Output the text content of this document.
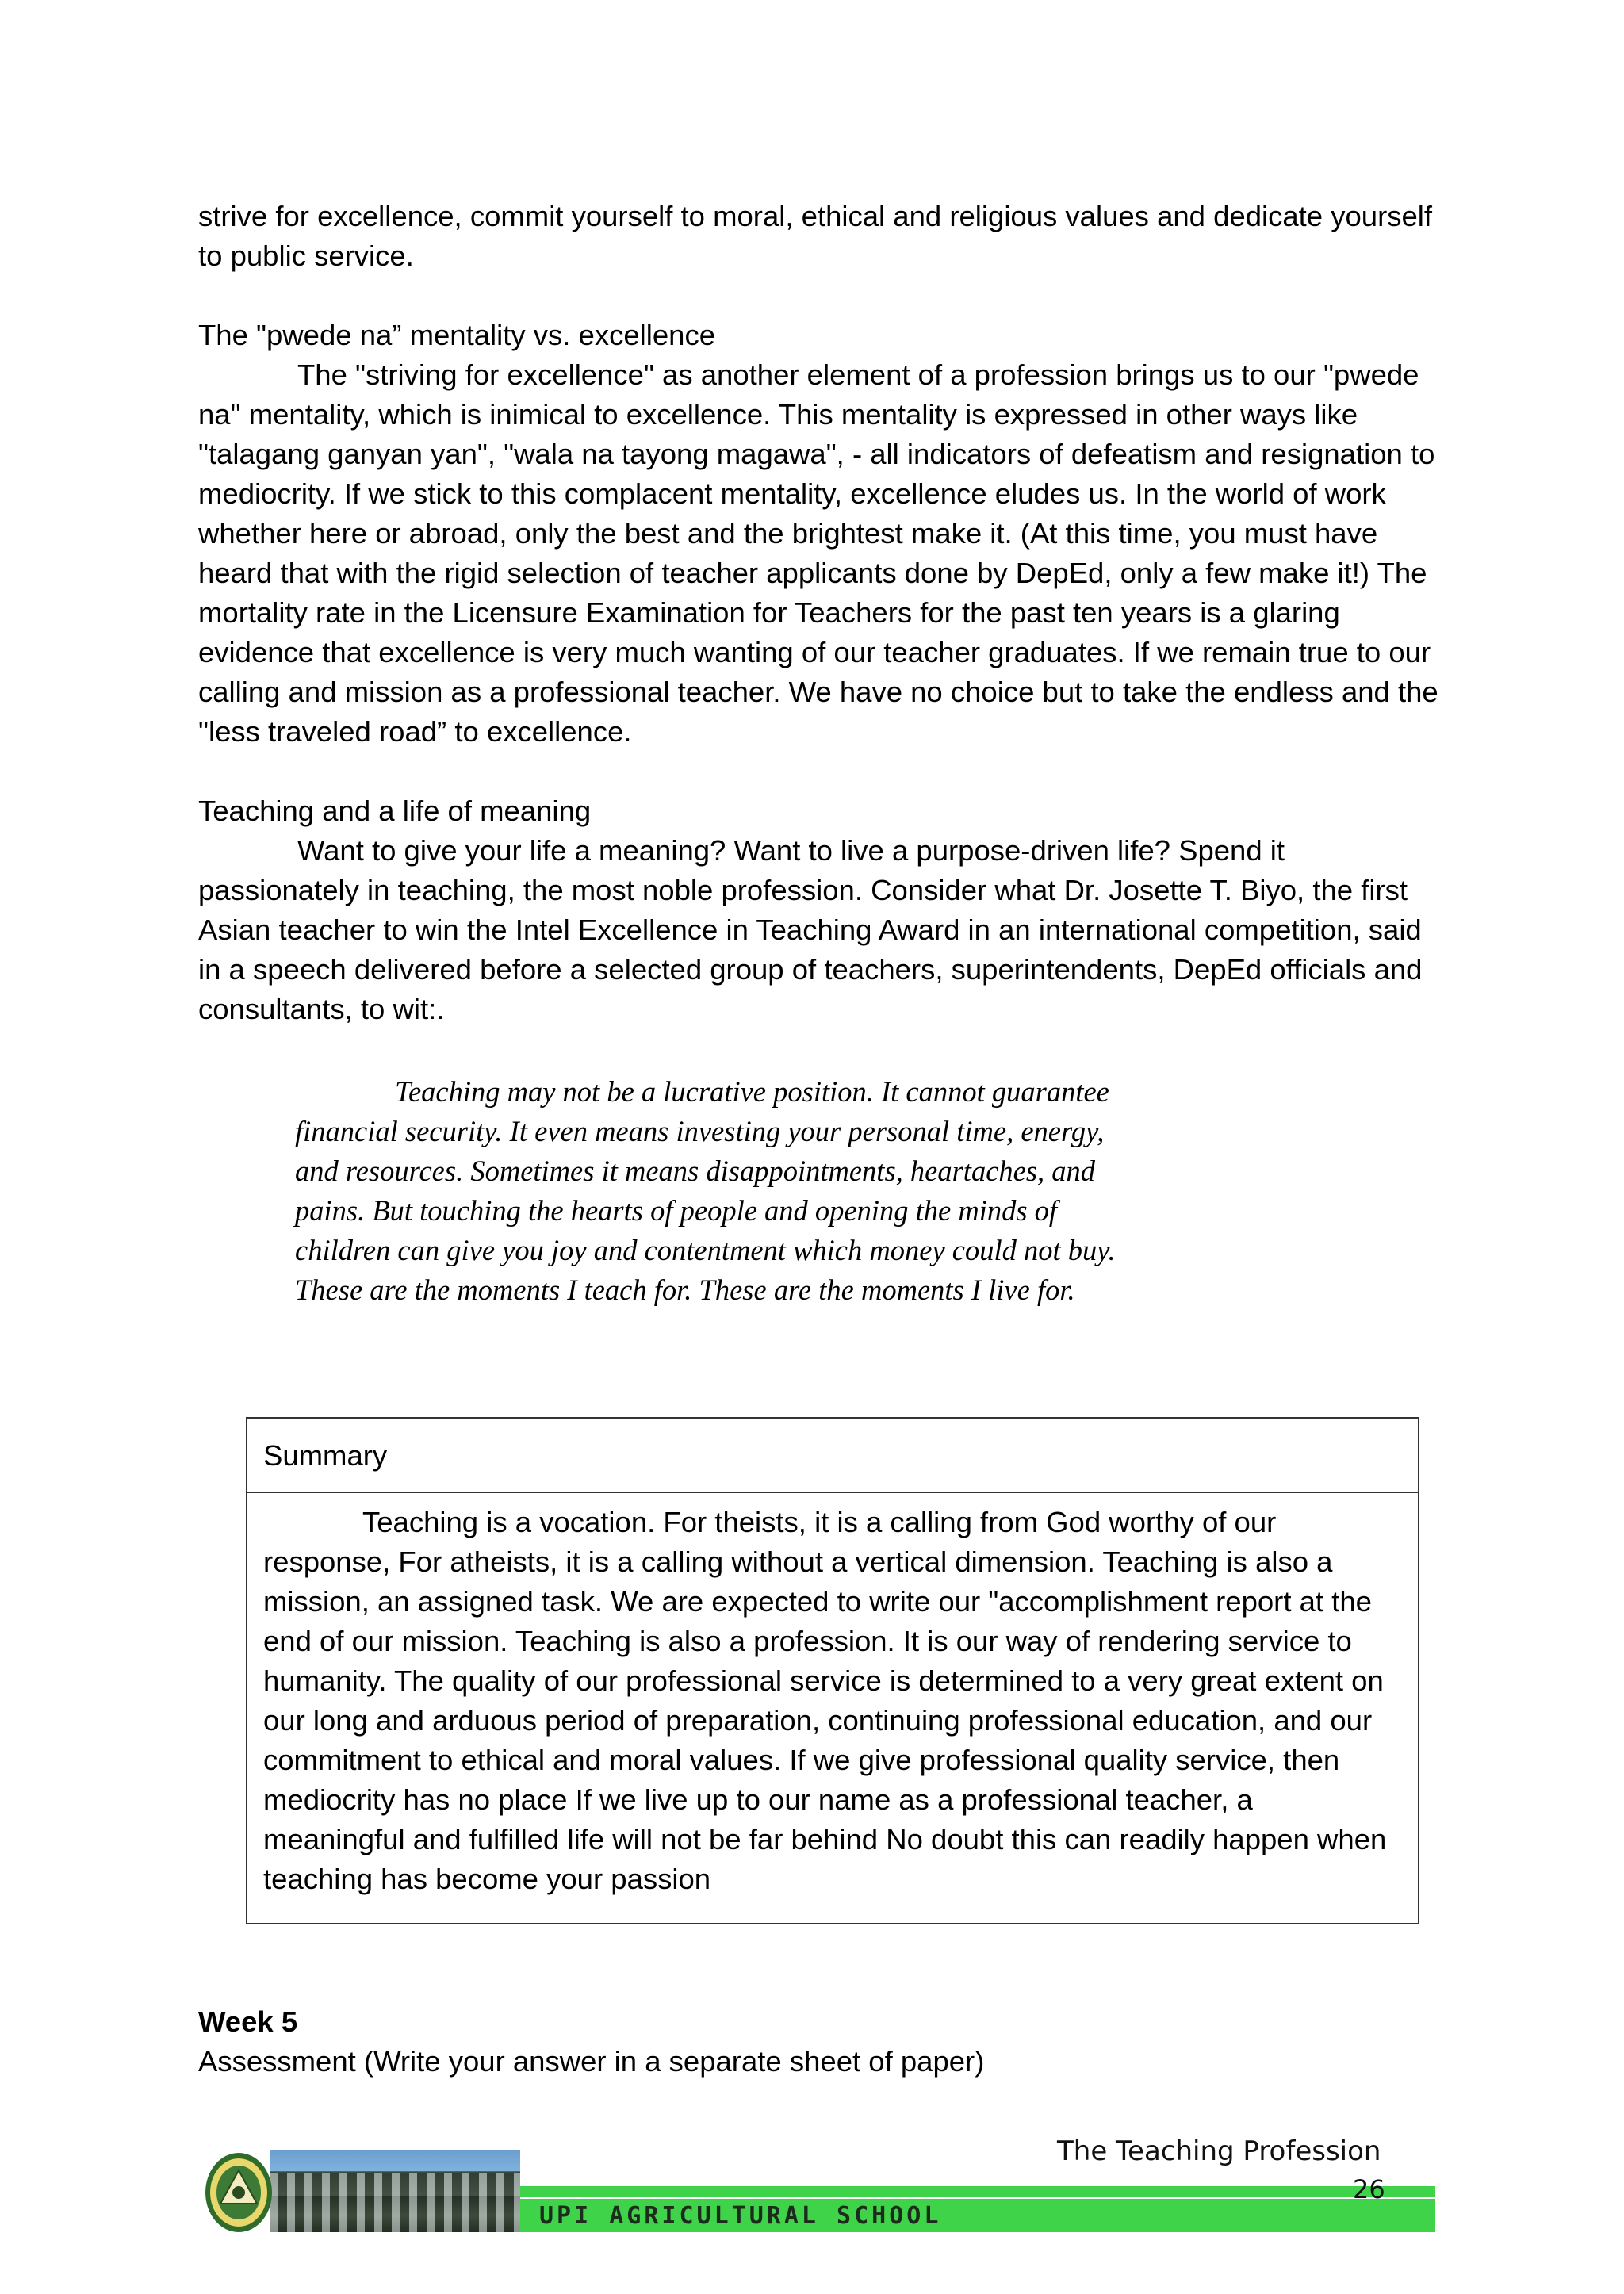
strive for excellence, commit yourself to moral, ethical and religious values and dedicate yourself to public service.

The "pwede na” mentality vs. excellence

The "striving for excellence" as another element of a profession brings us to our "pwede na" mentality, which is inimical to excellence. This mentality is expressed in other ways like "talagang ganyan yan", "wala na tayong magawa", - all indicators of defeatism and resignation to mediocrity. If we stick to this complacent mentality, excellence eludes us. In the world of work whether here or abroad, only the best and the brightest make it. (At this time, you must have heard that with the rigid selection of teacher applicants done by DepEd, only a few make it!) The mortality rate in the Licensure Examination for Teachers for the past ten years is a glaring evidence that excellence is very much wanting of our teacher graduates. If we remain true to our calling and mission as a professional teacher. We have no choice but to take the endless and the "less traveled road” to excellence.

Teaching and a life of meaning

Want to give your life a meaning? Want to live a purpose-driven life? Spend it passionately in teaching, the most noble profession. Consider what Dr. Josette T. Biyo, the first Asian teacher to win the Intel Excellence in Teaching Award in an international competition, said in a speech delivered before a selected group of teachers, superintendents, DepEd officials and consultants, to wit:.

Teaching may not be a lucrative position. It cannot guarantee financial security. It even means investing your personal time, energy, and resources. Sometimes it means disappointments, heartaches, and pains. But touching the hearts of people and opening the minds of children can give you joy and contentment which money could not buy. These are the moments I teach for. These are the moments I live for.

Summary

Teaching is a vocation. For theists, it is a calling from God worthy of our response, For atheists, it is a calling without a vertical dimension. Teaching is also a mission, an assigned task. We are expected to write our "accomplishment report at the end of our mission. Teaching is also a profession. It is our way of rendering service to humanity. The quality of our professional service is determined to a very great extent on our long and arduous period of preparation, continuing professional education, and our commitment to ethical and moral values. If we give professional quality service, then mediocrity has no place If we live up to our name as a professional teacher, a meaningful and fulfilled life will not be far behind No doubt this can readily happen when teaching has become your passion

Week 5
Assessment (Write your answer in a separate sheet of paper)
The Teaching Profession
26
UPI AGRICULTURAL SCHOOL
